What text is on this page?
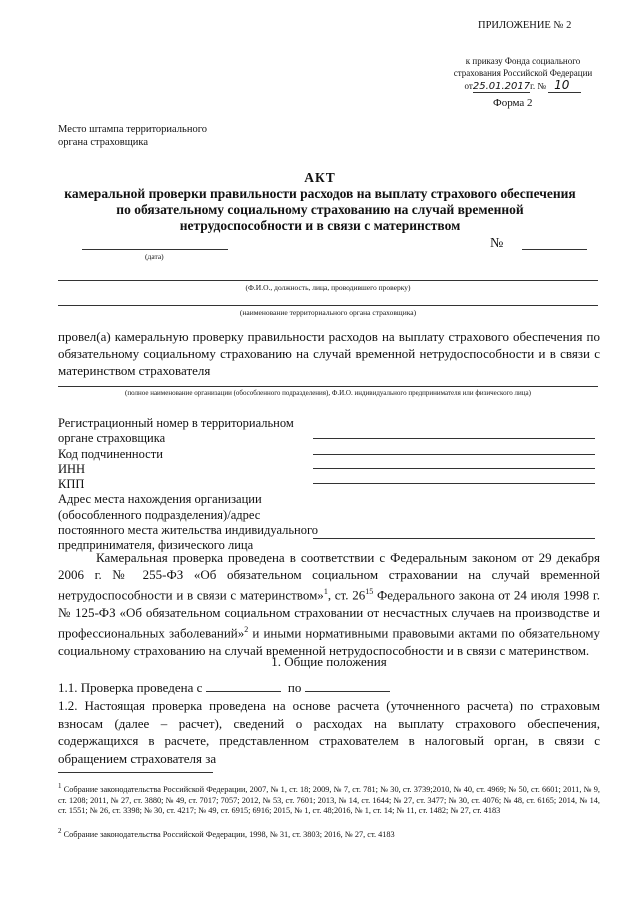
ПРИЛОЖЕНИЕ № 2
к приказу Фонда социального
страхования Российской Федерации
от25.01.2017г. № 10
Форма 2
Место штампа территориального
органа страховщика
АКТ
камеральной проверки правильности расходов на выплату страхового обеспечения
по обязательному социальному страхованию на случай временной
нетрудоспособности и в связи с материнством
(дата)
№
(Ф.И.О., должность, лица, проводившего проверку)
(наименование территориального органа страховщика)
провел(а) камеральную проверку правильности расходов на выплату страхового обеспечения по обязательному социальному страхованию на случай временной нетрудоспособности и в связи с материнством страхователя
(полное наименование организации (обособленного подразделения), Ф.И.О. индивидуального предпринимателя или физического лица)
Регистрационный номер в территориальном
органе страховщика
Код подчиненности
ИНН
КПП
Адрес места нахождения организации
(обособленного подразделения)/адрес
постоянного места жительства индивидуального
предпринимателя, физического лица
Камеральная проверка проведена в соответствии с Федеральным законом от 29 декабря 2006 г. № 255-ФЗ «Об обязательном социальном страховании на случай временной нетрудоспособности и в связи с материнством»$^1$, ст. $26^{15}$ Федерального закона от 24 июля 1998 г. № 125-ФЗ «Об обязательном социальном страховании от несчастных случаев на производстве и профессиональных заболеваний»$^2$ и иными нормативными правовыми актами по обязательному социальному страхованию на случай временной нетрудоспособности и в связи с материнством.
1. Общие положения
1.1. Проверка проведена с	по
1.2. Настоящая проверка проведена на основе расчета (уточненного расчета) по страховым взносам (далее – расчет), сведений о расходах на выплату страхового обеспечения, содержащихся в расчете, представленном страхователем в налоговый орган, в связи с обращением страхователя за
$^1$ Собрание законодательства Российской Федерации, 2007, № 1, ст. 18; 2009, № 7, ст. 781; № 30, ст. 3739;2010, № 40, ст. 4969; № 50, ст. 6601; 2011, № 9, ст. 1208; 2011, № 27, ст. 3880; № 49, ст. 7017; 7057; 2012, № 53, ст. 7601; 2013, № 14, ст. 1644; № 27, ст. 3477; № 30, ст. 4076; № 48, ст. 6165; 2014, № 14, ст. 1551; № 26, ст. 3398; № 30, ст. 4217; № 49, ст. 6915; 6916; 2015, № 1, ст. 48;2016, № 1, ст. 14; № 11, ст. 1482; № 27, ст. 4183
$^2$ Собрание законодательства Российской Федерации, 1998, № 31, ст. 3803; 2016, № 27, ст. 4183
